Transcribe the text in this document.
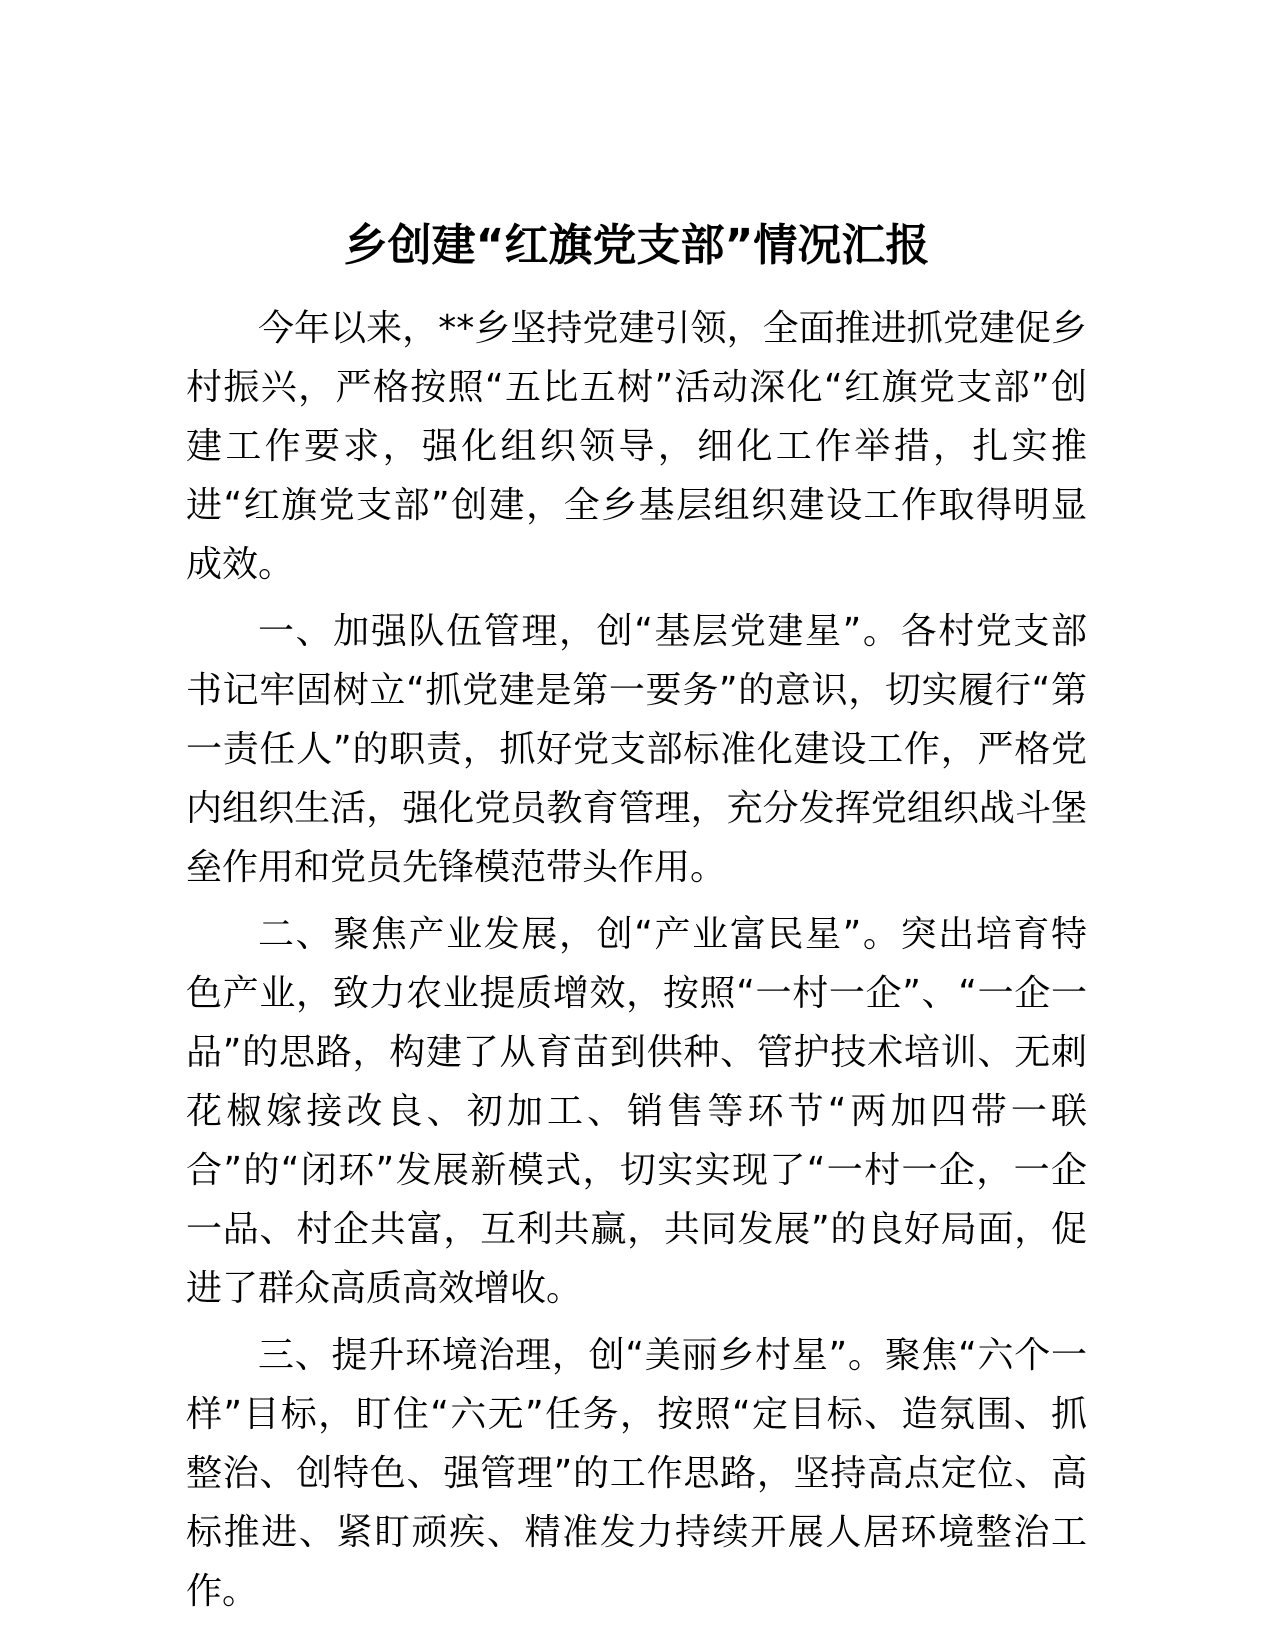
乡创建“红旗党支部”情况汇报

今年以来，**乡坚持党建引领，全面推进抓党建促乡村振兴，严格按照“五比五树”活动深化“红旗党支部”创建工作要求，强化组织领导，细化工作举措，扎实推进“红旗党支部”创建，全乡基层组织建设工作取得明显成效。

一、加强队伍管理，创“基层党建星”。各村党支部书记牢固树立“抓党建是第一要务”的意识，切实履行“第一责任人”的职责，抓好党支部标准化建设工作，严格党内组织生活，强化党员教育管理，充分发挥党组织战斗堡垒作用和党员先锋模范带头作用。

二、聚焦产业发展，创“产业富民星”。突出培育特色产业，致力农业提质增效，按照“一村一企”、“一企一品”的思路，构建了从育苗到供种、管护技术培训、无刺花椒嫁接改良、初加工、销售等环节“两加四带一联合”的“闭环”发展新模式，切实实现了“一村一企，一企一品、村企共富，互利共赢，共同发展”的良好局面，促进了群众高质高效增收。

三、提升环境治理，创“美丽乡村星”。聚焦“六个一样”目标，盯住“六无”任务，按照“定目标、造氛围、抓整治、创特色、强管理”的工作思路，坚持高点定位、高标推进、紧盯顽疾、精准发力持续开展人居环境整治工作。
